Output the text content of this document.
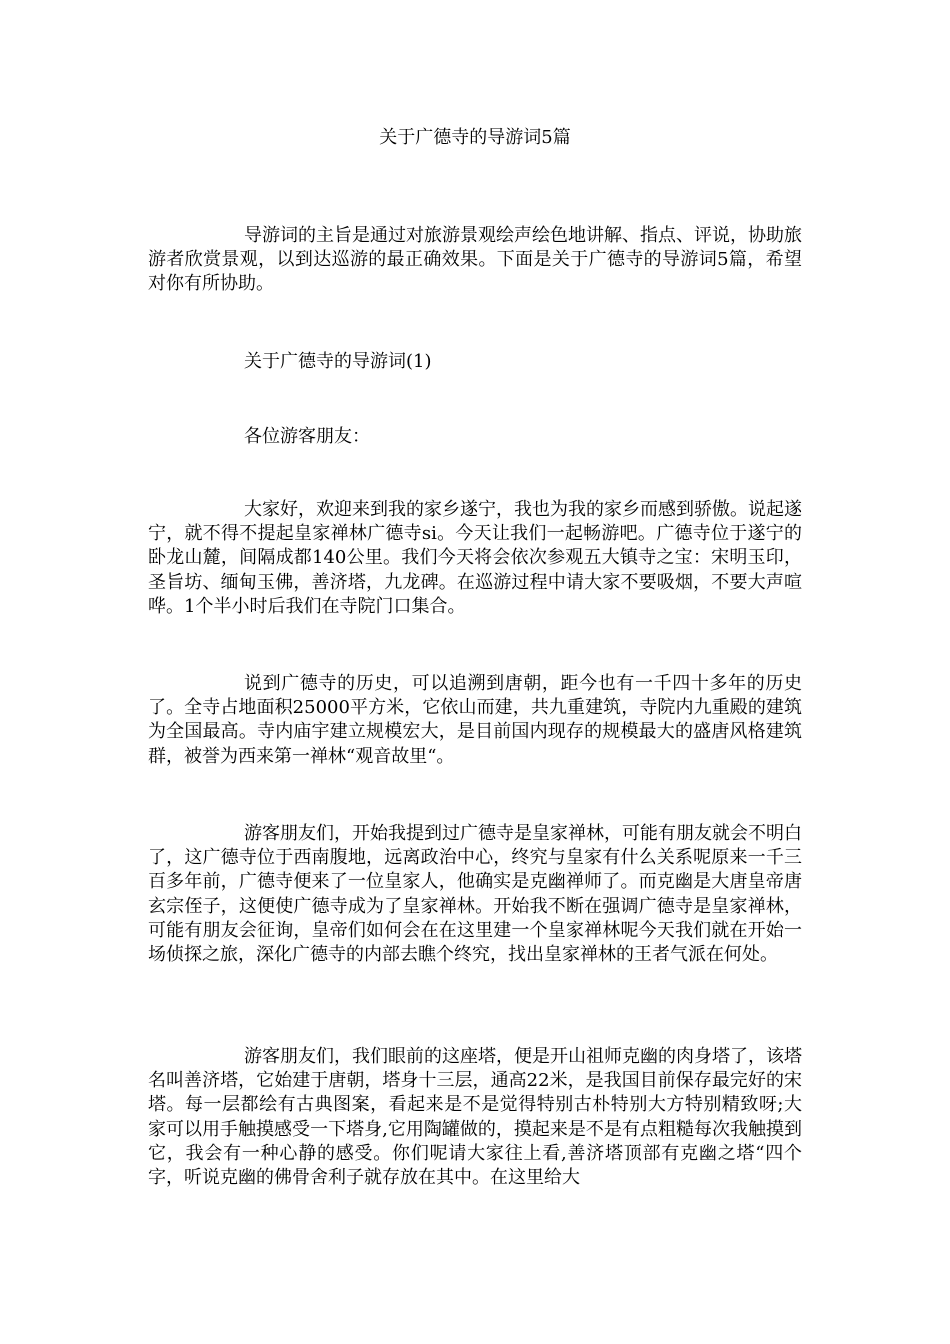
关于广德寺的导游词5篇

导游词的主旨是通过对旅游景观绘声绘色地讲解、指点、评说，协助旅游者欣赏景观，以到达巡游的最正确效果。下面是关于广德寺的导游词5篇，希望对你有所协助。

关于广德寺的导游词(1)

各位游客朋友：

大家好，欢迎来到我的家乡遂宁，我也为我的家乡而感到骄傲。说起遂宁，就不得不提起皇家禅林广德寺si。今天让我们一起畅游吧。广德寺位于遂宁的卧龙山麓，间隔成都140公里。我们今天将会依次参观五大镇寺之宝：宋明玉印，圣旨坊、缅甸玉佛，善济塔，九龙碑。在巡游过程中请大家不要吸烟，不要大声喧哗。1个半小时后我们在寺院门口集合。

说到广德寺的历史，可以追溯到唐朝，距今也有一千四十多年的历史了。全寺占地面积25000平方米，它依山而建，共九重建筑，寺院内九重殿的建筑为全国最高。寺内庙宇建立规模宏大，是目前国内现存的规模最大的盛唐风格建筑群，被誉为西来第一禅林“观音故里“。

游客朋友们，开始我提到过广德寺是皇家禅林，可能有朋友就会不明白了，这广德寺位于西南腹地，远离政治中心，终究与皇家有什么关系呢原来一千三百多年前，广德寺便来了一位皇家人，他确实是克幽禅师了。而克幽是大唐皇帝唐玄宗侄子，这便使广德寺成为了皇家禅林。开始我不断在强调广德寺是皇家禅林，可能有朋友会征询，皇帝们如何会在在这里建一个皇家禅林呢今天我们就在开始一场侦探之旅，深化广德寺的内部去瞧个终究，找出皇家禅林的王者气派在何处。

游客朋友们，我们眼前的这座塔，便是开山祖师克幽的肉身塔了，该塔名叫善济塔，它始建于唐朝，塔身十三层，通高22米，是我国目前保存最完好的宋塔。每一层都绘有古典图案，看起来是不是觉得特别古朴特别大方特别精致呀;大家可以用手触摸感受一下塔身,它用陶罐做的，摸起来是不是有点粗糙每次我触摸到它，我会有一种心静的感受。你们呢请大家往上看,善济塔顶部有克幽之塔“四个字，听说克幽的佛骨舍利子就存放在其中。在这里给大
